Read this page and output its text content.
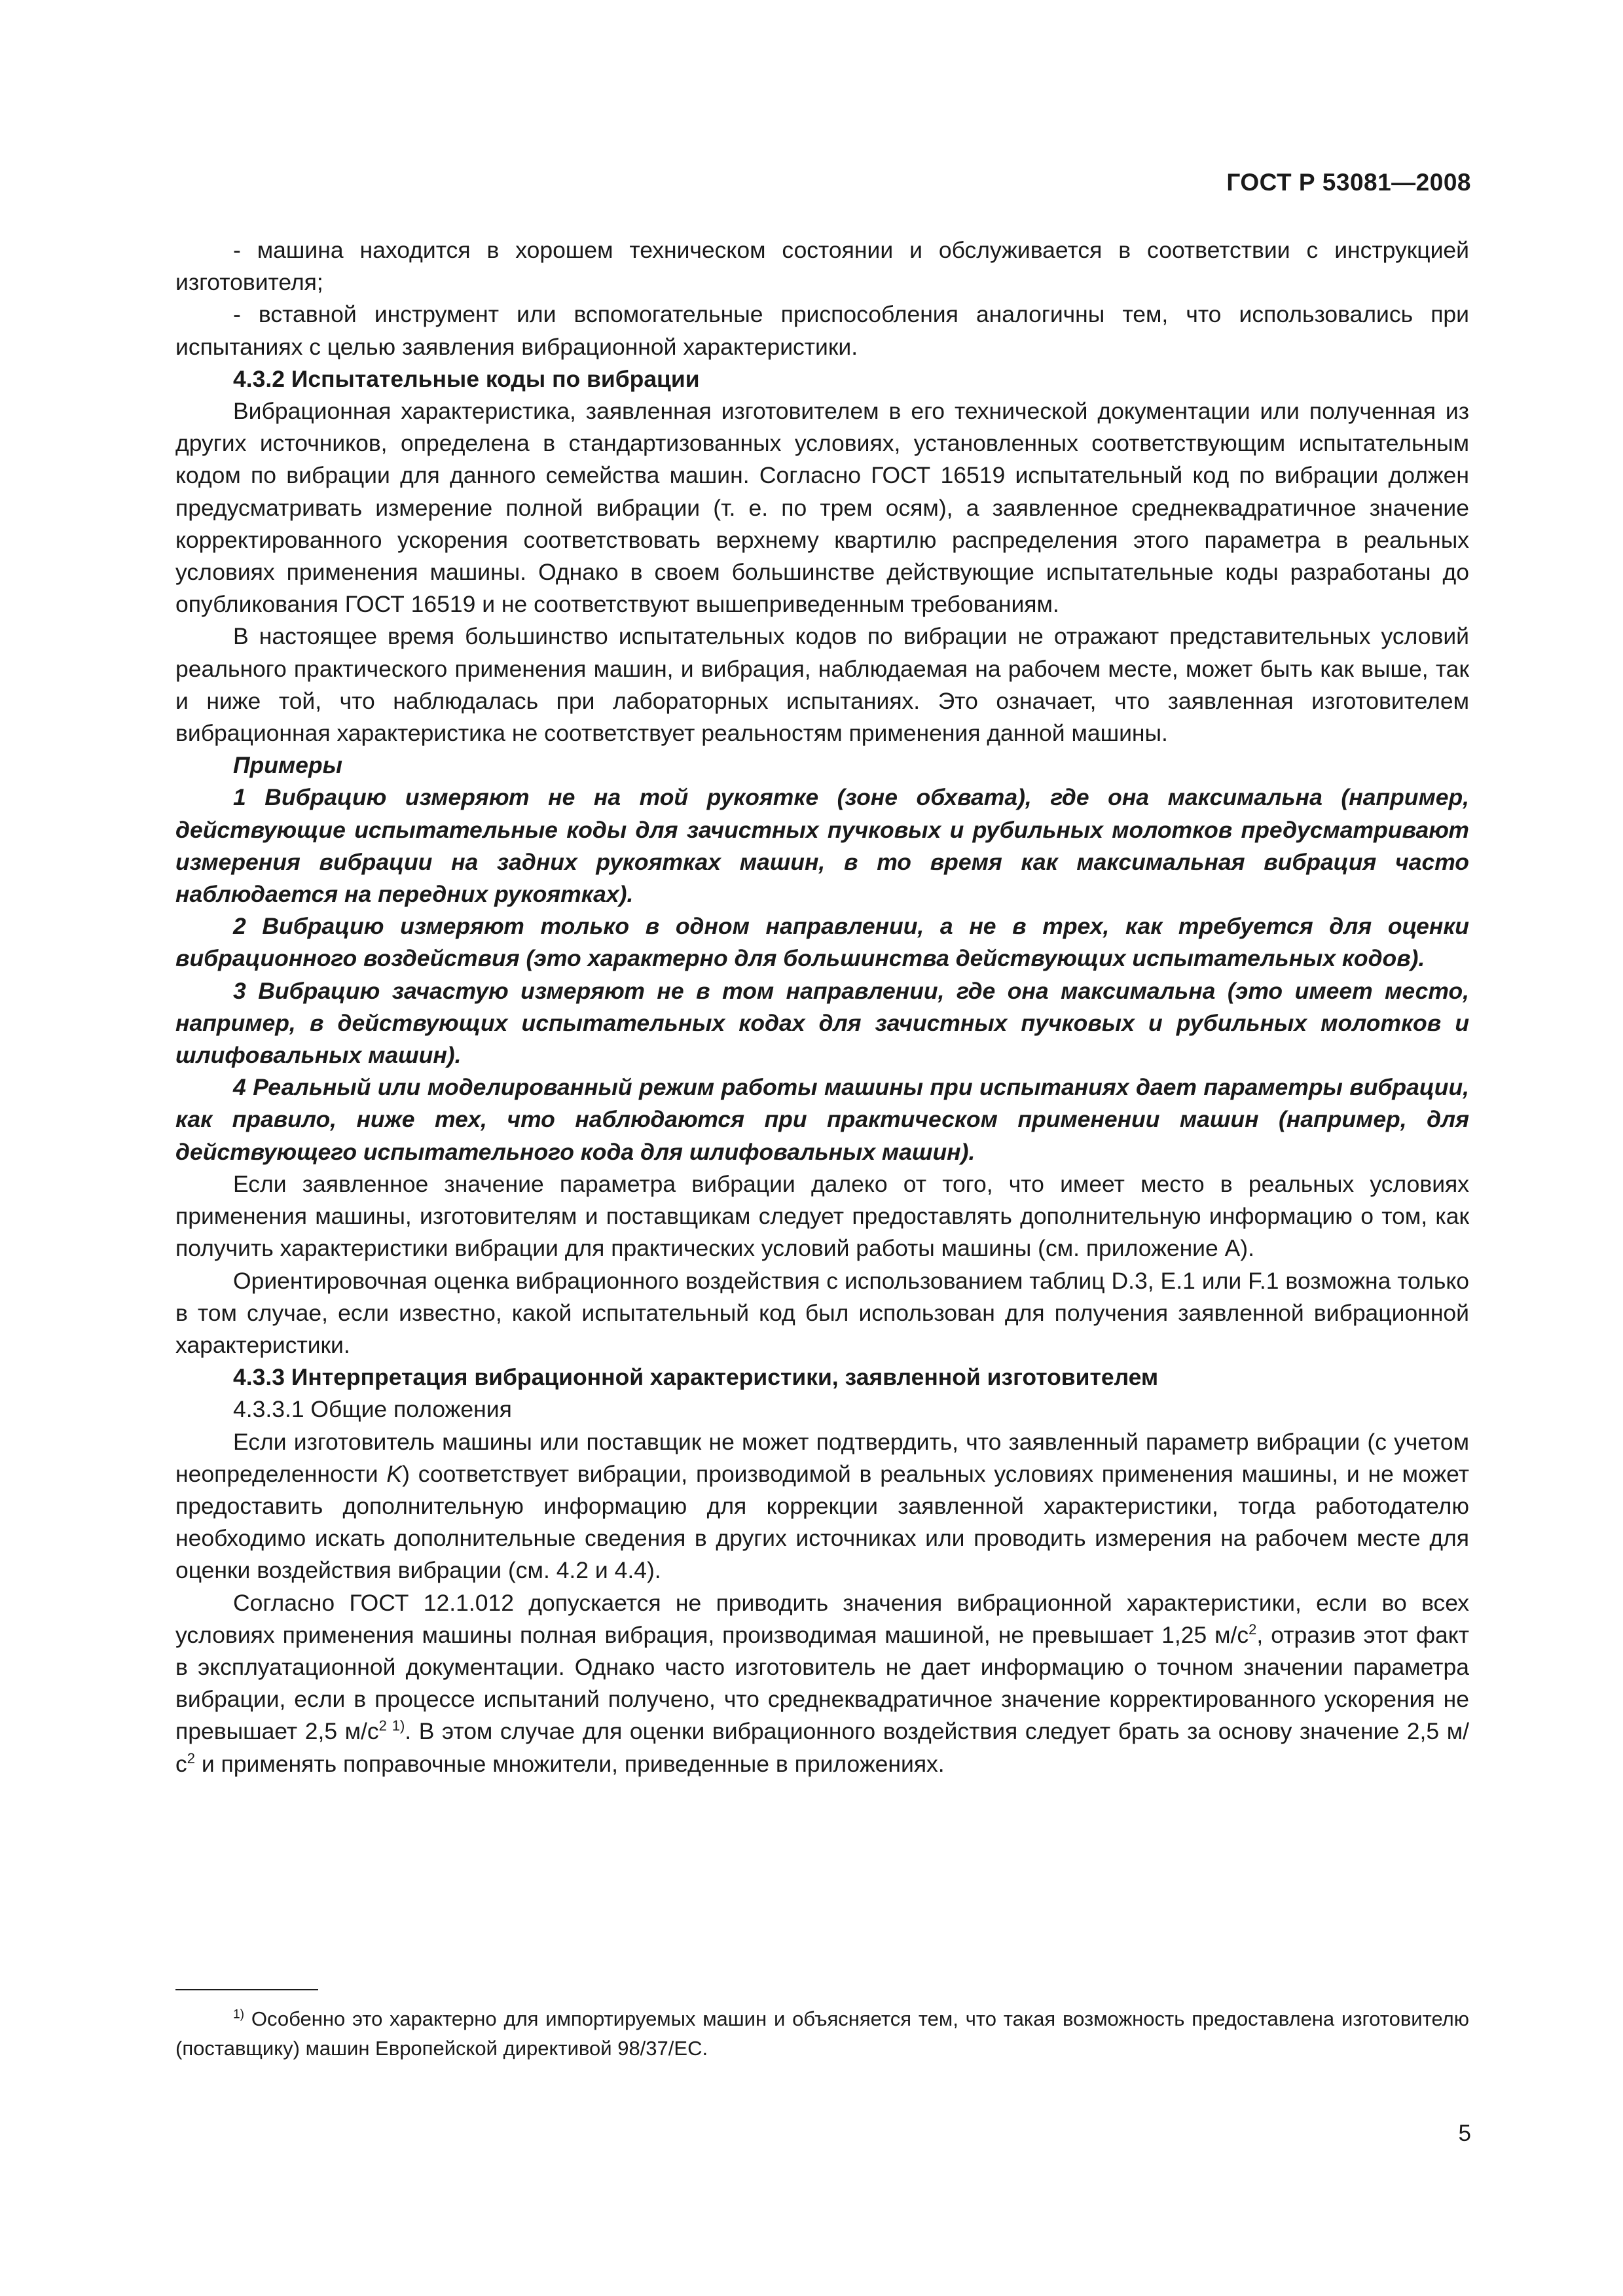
ГОСТ Р 53081—2008

- машина находится в хорошем техническом состоянии и обслуживается в соответствии с инструкцией изготовителя;

- вставной инструмент или вспомогательные приспособления аналогичны тем, что использовались при испытаниях с целью заявления вибрационной характеристики.

4.3.2 Испытательные коды по вибрации

Вибрационная характеристика, заявленная изготовителем в его технической документации или полученная из других источников, определена в стандартизованных условиях, установленных соответствующим испытательным кодом по вибрации для данного семейства машин. Согласно ГОСТ 16519 испытательный код по вибрации должен предусматривать измерение полной вибрации (т. е. по трем осям), а заявленное среднеквадратичное значение корректированного ускорения соответствовать верхнему квартилю распределения этого параметра в реальных условиях применения машины. Однако в своем большинстве действующие испытательные коды разработаны до опубликования ГОСТ 16519 и не соответствуют вышеприведенным требованиям.

В настоящее время большинство испытательных кодов по вибрации не отражают представительных условий реального практического применения машин, и вибрация, наблюдаемая на рабочем месте, может быть как выше, так и ниже той, что наблюдалась при лабораторных испытаниях. Это означает, что заявленная изготовителем вибрационная характеристика не соответствует реальностям применения данной машины.

Примеры

1 Вибрацию измеряют не на той рукоятке (зоне обхвата), где она максимальна (например, действующие испытательные коды для зачистных пучковых и рубильных молотков предусматривают измерения вибрации на задних рукоятках машин, в то время как максимальная вибрация часто наблюдается на передних рукоятках).

2 Вибрацию измеряют только в одном направлении, а не в трех, как требуется для оценки вибрационного воздействия (это характерно для большинства действующих испытательных кодов).

3 Вибрацию зачастую измеряют не в том направлении, где она максимальна (это имеет место, например, в действующих испытательных кодах для зачистных пучковых и рубильных молотков и шлифовальных машин).

4 Реальный или моделированный режим работы машины при испытаниях дает параметры вибрации, как правило, ниже тех, что наблюдаются при практическом применении машин (например, для действующего испытательного кода для шлифовальных машин).

Если заявленное значение параметра вибрации далеко от того, что имеет место в реальных условиях применения машины, изготовителям и поставщикам следует предоставлять дополнительную информацию о том, как получить характеристики вибрации для практических условий работы машины (см. приложение А).

Ориентировочная оценка вибрационного воздействия с использованием таблиц D.3, E.1 или F.1 возможна только в том случае, если известно, какой испытательный код был использован для получения заявленной вибрационной характеристики.

4.3.3 Интерпретация вибрационной характеристики, заявленной изготовителем

4.3.3.1 Общие положения

Если изготовитель машины или поставщик не может подтвердить, что заявленный параметр вибрации (с учетом неопределенности K) соответствует вибрации, производимой в реальных условиях применения машины, и не может предоставить дополнительную информацию для коррекции заявленной характеристики, тогда работодателю необходимо искать дополнительные сведения в других источниках или проводить измерения на рабочем месте для оценки воздействия вибрации (см. 4.2 и 4.4).

Согласно ГОСТ 12.1.012 допускается не приводить значения вибрационной характеристики, если во всех условиях применения машины полная вибрация, производимая машиной, не превышает 1,25 $м/с^2$, отразив этот факт в эксплуатационной документации. Однако часто изготовитель не дает информацию о точном значении параметра вибрации, если в процессе испытаний получено, что среднеквадратичное значение корректированного ускорения не превышает 2,5 $м/с^{2 1)}$. В этом случае для оценки вибрационного воздействия следует брать за основу значение 2,5 $м/с^2$ и применять поправочные множители, приведенные в приложениях.

$^{1)}$ Особенно это характерно для импортируемых машин и объясняется тем, что такая возможность предоставлена изготовителю (поставщику) машин Европейской директивой 98/37/ЕС.
5
